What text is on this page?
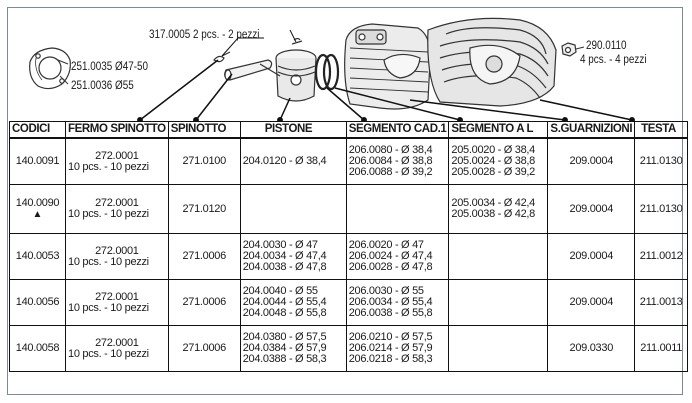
317.0005 2 pcs. - 2 pezzi
251.0035 Ø47-50
251.0036 Ø55
290.0110
4 pcs. - 4 pezzi
CODICI	FERMO SPINOTTO	SPINOTTO	PISTONE	SEGMENTO CAD.1	SEGMENTO A L	S.GUARNIZIONI	TESTA

140.0091	272.0001
10 pcs. - 10 pezzi	271.0100	204.0120 - Ø 38,4	206.0080 - Ø 38,4
206.0084 - Ø 38,8
206.0088 - Ø 39,2	205.0020 - Ø 38,4
205.0024 - Ø 38,8
205.0028 - Ø 39,2	209.0004	211.0130

140.0090
▲	272.0001
10 pcs. - 10 pezzi	271.0120			205.0034 - Ø 42,4
205.0038 - Ø 42,8	209.0004	211.0130

140.0053	272.0001
10 pcs. - 10 pezzi	271.0006	204.0030 - Ø 47
204.0034 - Ø 47,4
204.0038 - Ø 47,8	206.0020 - Ø 47
206.0024 - Ø 47,4
206.0028 - Ø 47,8		209.0004	211.0012

140.0056	272.0001
10 pcs. - 10 pezzi	271.0006	204.0040 - Ø 55
204.0044 - Ø 55,4
204.0048 - Ø 55,8	206.0030 - Ø 55
206.0034 - Ø 55,4
206.0038 - Ø 55,8		209.0004	211.0013

140.0058	272.0001
10 pcs. - 10 pezzi	271.0006	204.0380 - Ø 57,5
204.0384 - Ø 57,9
204.0388 - Ø 58,3	206.0210 - Ø 57,5
206.0214 - Ø 57,9
206.0218 - Ø 58,3		209.0330	211.0011
